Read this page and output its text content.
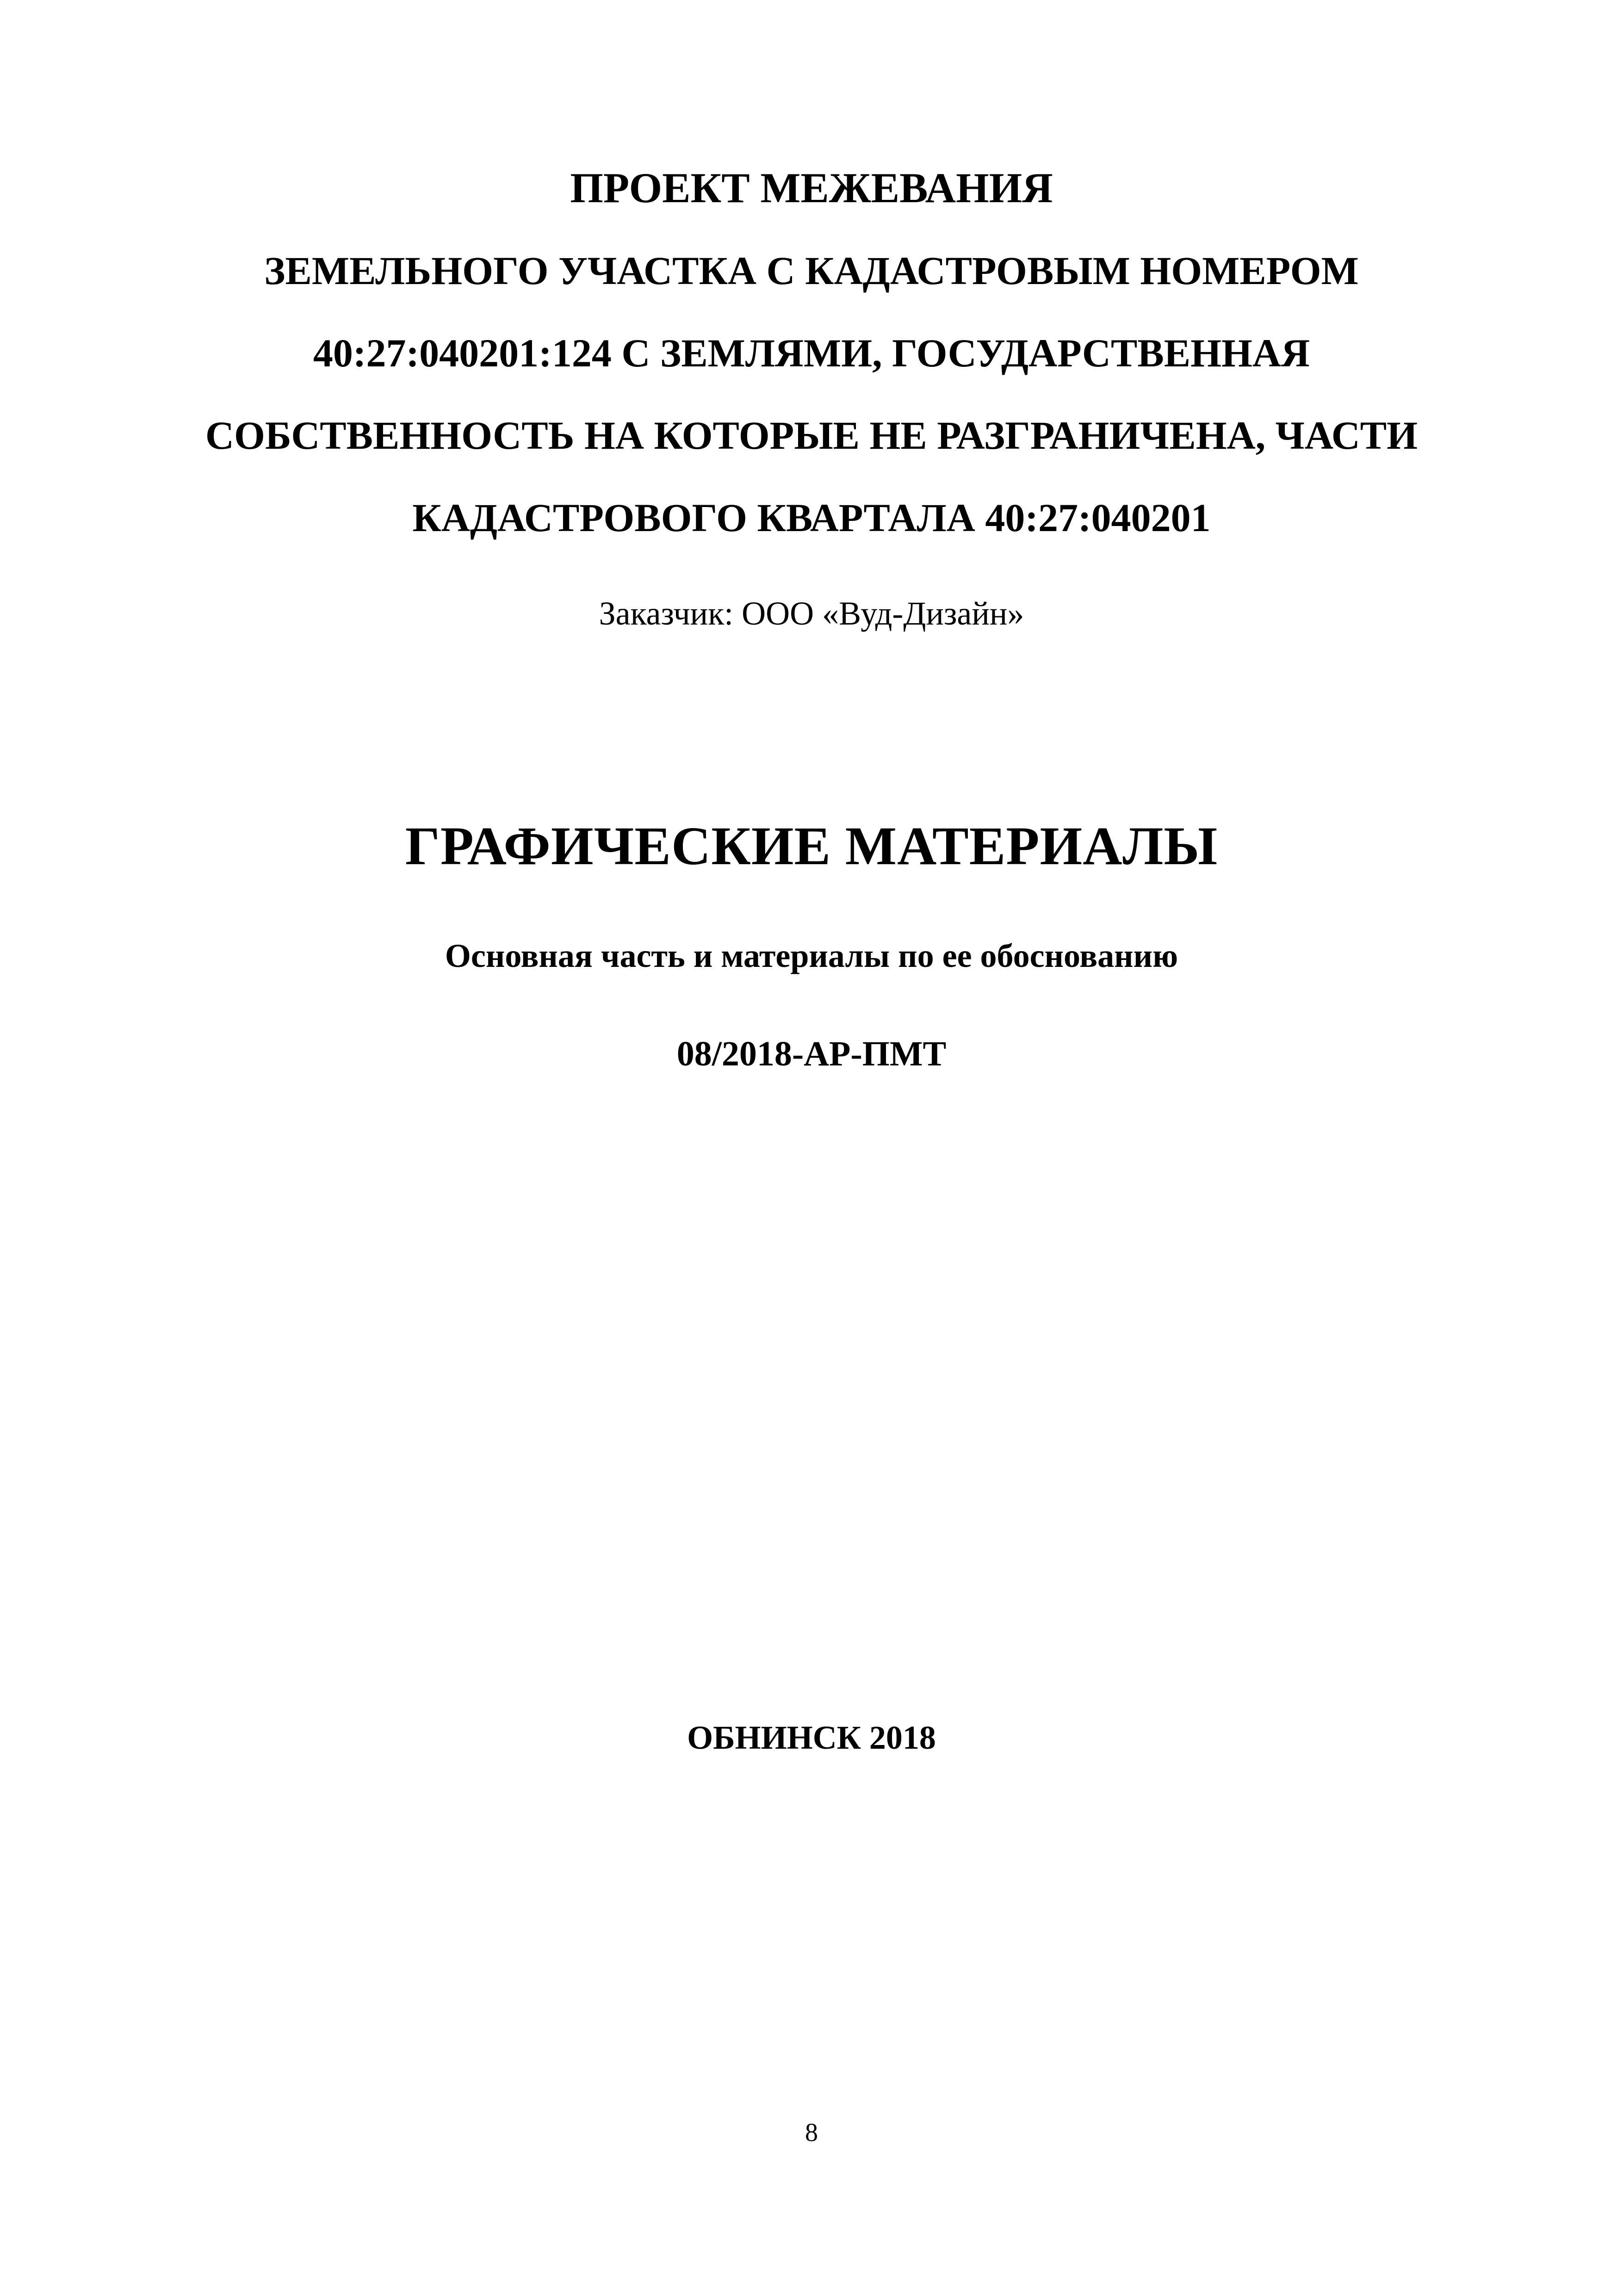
ПРОЕКТ МЕЖЕВАНИЯ
ЗЕМЕЛЬНОГО УЧАСТКА С КАДАСТРОВЫМ НОМЕРОМ
40:27:040201:124 С ЗЕМЛЯМИ, ГОСУДАРСТВЕННАЯ
СОБСТВЕННОСТЬ НА КОТОРЫЕ НЕ РАЗГРАНИЧЕНА, ЧАСТИ
КАДАСТРОВОГО КВАРТАЛА 40:27:040201
Заказчик: ООО «Вуд-Дизайн»
ГРАФИЧЕСКИЕ МАТЕРИАЛЫ
Основная часть и материалы по ее обоснованию
08/2018-АР-ПМТ
ОБНИНСК 2018
8
